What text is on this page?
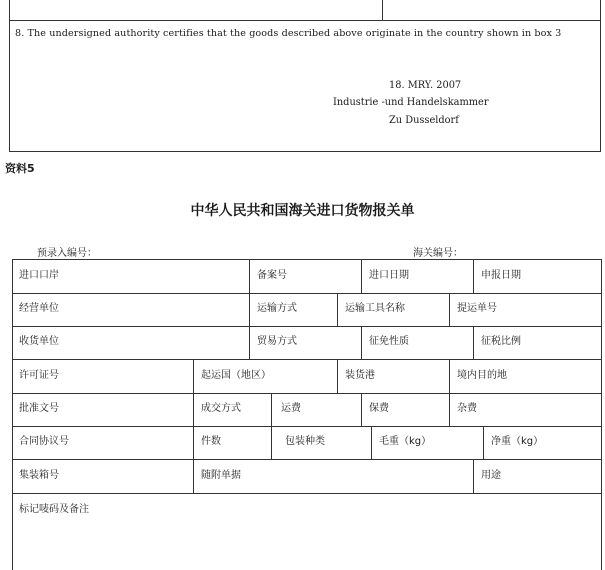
8. The undersigned authority certifies that the goods described above originate in the country shown in box 3
18. MRY. 2007
Industrie -und Handelskammer
Zu Dusseldorf
资料5
中华人民共和国海关进口货物报关单
预录入编号：	海关编号：
进口口岸	备案号	进口日期	申报日期
经营单位	运输方式	运输工具名称	提运单号
收货单位	贸易方式	征免性质	征税比例
许可证号	起运国（地区）	装货港	境内目的地
批准文号	成交方式	运费	保费	杂费
合同协议号	件数	包装种类	毛重（kg）	净重（kg）
集装箱号	随附单据	用途
标记唛码及备注
